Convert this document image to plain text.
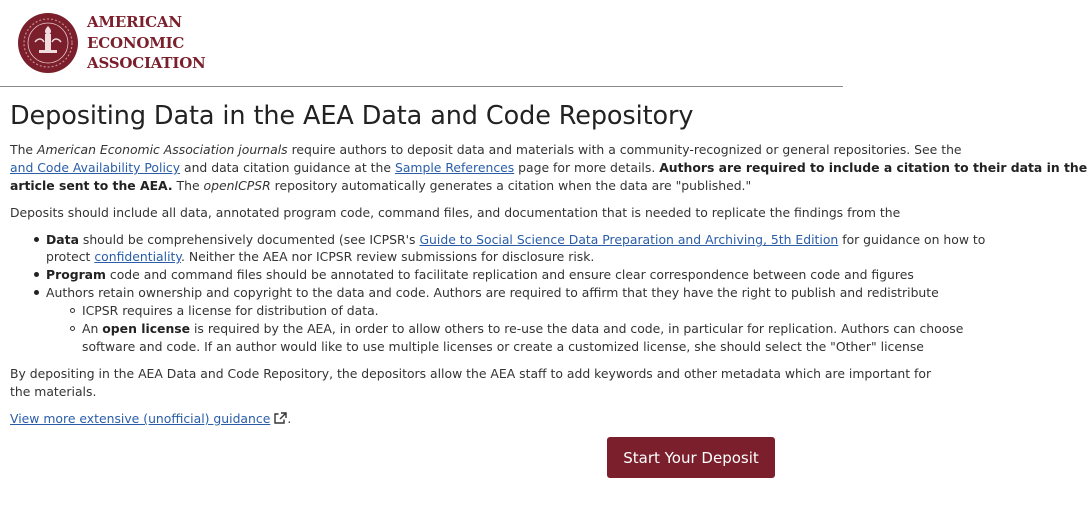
AMERICAN
ECONOMIC
ASSOCIATION
Depositing Data in the AEA Data and Code Repository
The American Economic Association journals require authors to deposit data and materials with a community-recognized or general repositories. See the
and Code Availability Policy and data citation guidance at the Sample References page for more details. Authors are required to include a citation to their data in the
article sent to the AEA. The openICPSR repository automatically generates a citation when the data are "published."
Deposits should include all data, annotated program code, command files, and documentation that is needed to replicate the findings from the
Data should be comprehensively documented (see ICPSR's Guide to Social Science Data Preparation and Archiving, 5th Edition for guidance on how to
protect confidentiality. Neither the AEA nor ICPSR review submissions for disclosure risk.
Program code and command files should be annotated to facilitate replication and ensure clear correspondence between code and figures
Authors retain ownership and copyright to the data and code. Authors are required to affirm that they have the right to publish and redistribute
ICPSR requires a license for distribution of data.
An open license is required by the AEA, in order to allow others to re-use the data and code, in particular for replication. Authors can choose
software and code. If an author would like to use multiple licenses or create a customized license, she should select the "Other" license
By depositing in the AEA Data and Code Repository, the depositors allow the AEA staff to add keywords and other metadata which are important for
the materials.
View more extensive (unofficial) guidance .
Start Your Deposit
